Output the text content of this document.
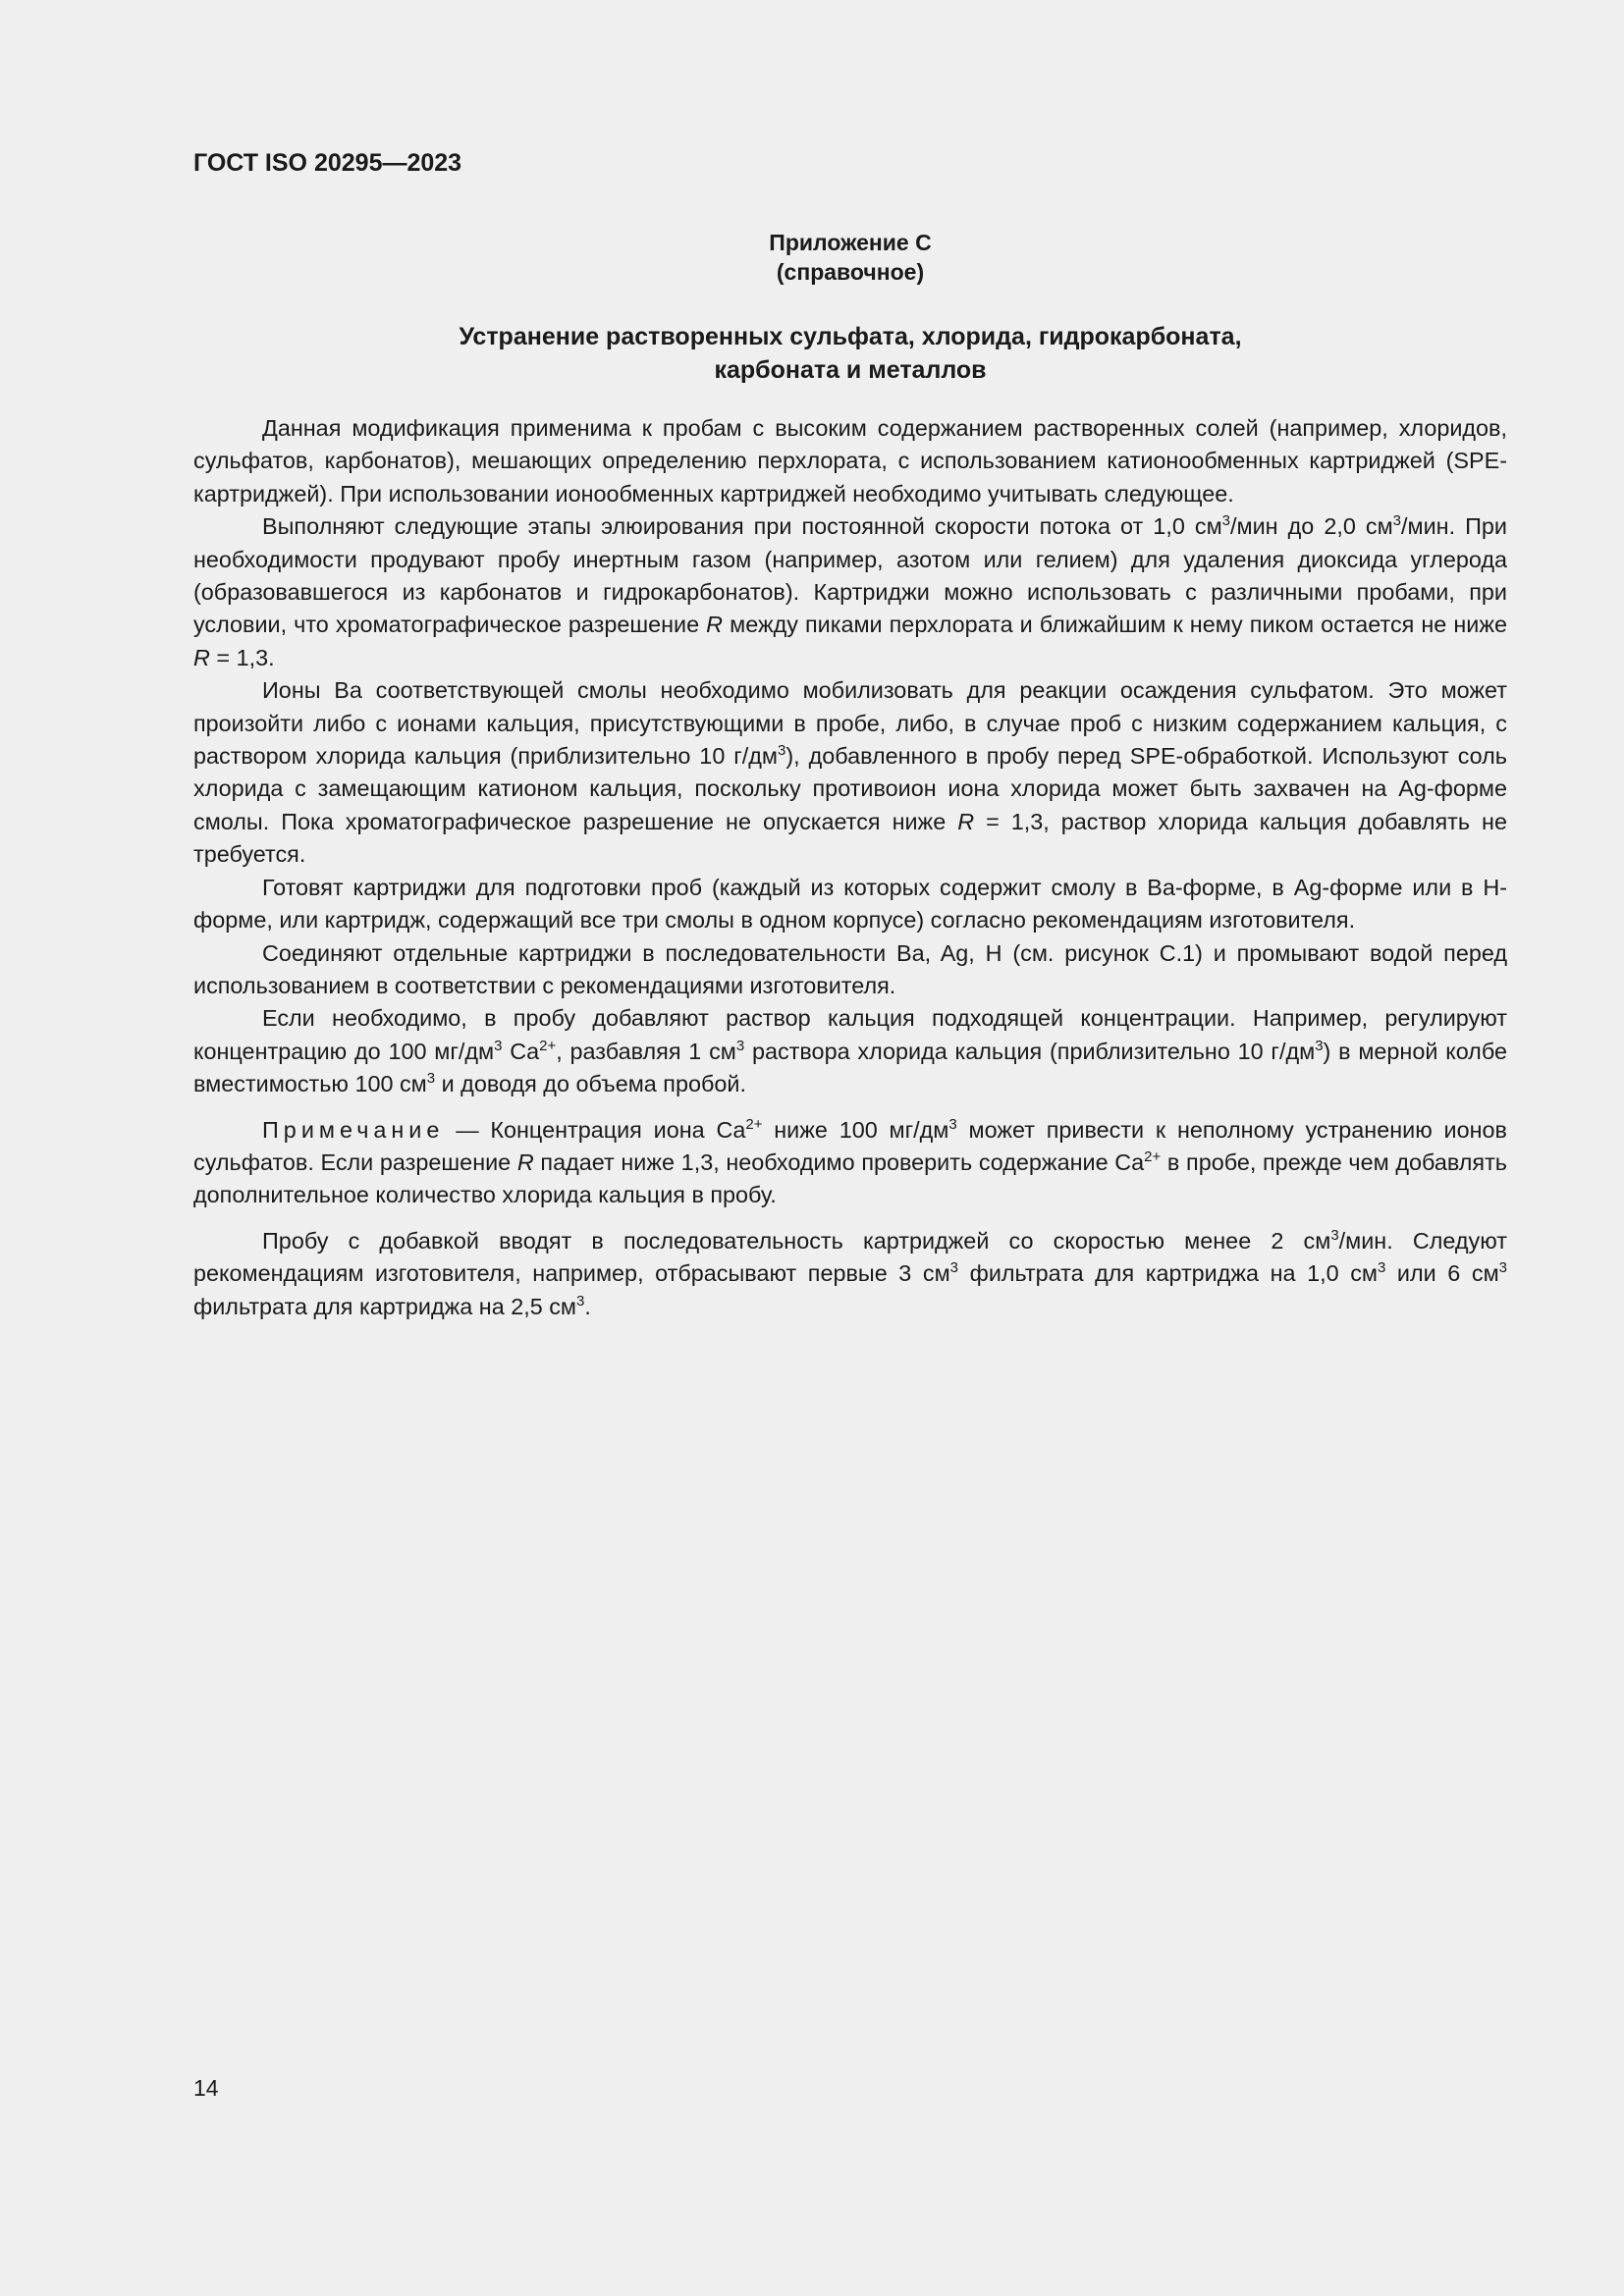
ГОСТ ISO 20295—2023
Приложение С
(справочное)
Устранение растворенных сульфата, хлорида, гидрокарбоната,
карбоната и металлов

Данная модификация применима к пробам с высоким содержанием растворенных солей (например, хлоридов, сульфатов, карбонатов), мешающих определению перхлората, с использованием катионообменных картриджей (SPE-картриджей). При использовании ионообменных картриджей необходимо учитывать следующее.

Выполняют следующие этапы элюирования при постоянной скорости потока от 1,0 $см^3$/мин до 2,0 $см^3$/мин. При необходимости продувают пробу инертным газом (например, азотом или гелием) для удаления диоксида углерода (образовавшегося из карбонатов и гидрокарбонатов). Картриджи можно использовать с различными пробами, при условии, что хроматографическое разрешение R между пиками перхлората и ближайшим к нему пиком остается не ниже R = 1,3.

Ионы Ba соответствующей смолы необходимо мобилизовать для реакции осаждения сульфатом. Это может произойти либо с ионами кальция, присутствующими в пробе, либо, в случае проб с низким содержанием кальция, с раствором хлорида кальция (приблизительно 10 $г/дм^3$), добавленного в пробу перед SPE-обработкой. Используют соль хлорида с замещающим катионом кальция, поскольку противоион иона хлорида может быть захвачен на Ag-форме смолы. Пока хроматографическое разрешение не опускается ниже R = 1,3, раствор хлорида кальция добавлять не требуется.

Готовят картриджи для подготовки проб (каждый из которых содержит смолу в Ba-форме, в Ag-форме или в H-форме, или картридж, содержащий все три смолы в одном корпусе) согласно рекомендациям изготовителя.

Соединяют отдельные картриджи в последовательности Ba, Ag, H (см. рисунок С.1) и промывают водой перед использованием в соответствии с рекомендациями изготовителя.

Если необходимо, в пробу добавляют раствор кальция подходящей концентрации. Например, регулируют концентрацию до 100 $мг/дм^3$ $Ca^{2+}$, разбавляя 1 $см^3$ раствора хлорида кальция (приблизительно 10 $г/дм^3$) в мерной колбе вместимостью 100 $см^3$ и доводя до объема пробой.

Примечание — Концентрация иона $Ca^{2+}$ ниже 100 $мг/дм^3$ может привести к неполному устранению ионов сульфатов. Если разрешение R падает ниже 1,3, необходимо проверить содержание $Ca^{2+}$ в пробе, прежде чем добавлять дополнительное количество хлорида кальция в пробу.

Пробу с добавкой вводят в последовательность картриджей со скоростью менее 2 $см^3$/мин. Следуют рекомендациям изготовителя, например, отбрасывают первые 3 $см^3$ фильтрата для картриджа на 1,0 $см^3$ или 6 $см^3$ фильтрата для картриджа на 2,5 $см^3$.

14
